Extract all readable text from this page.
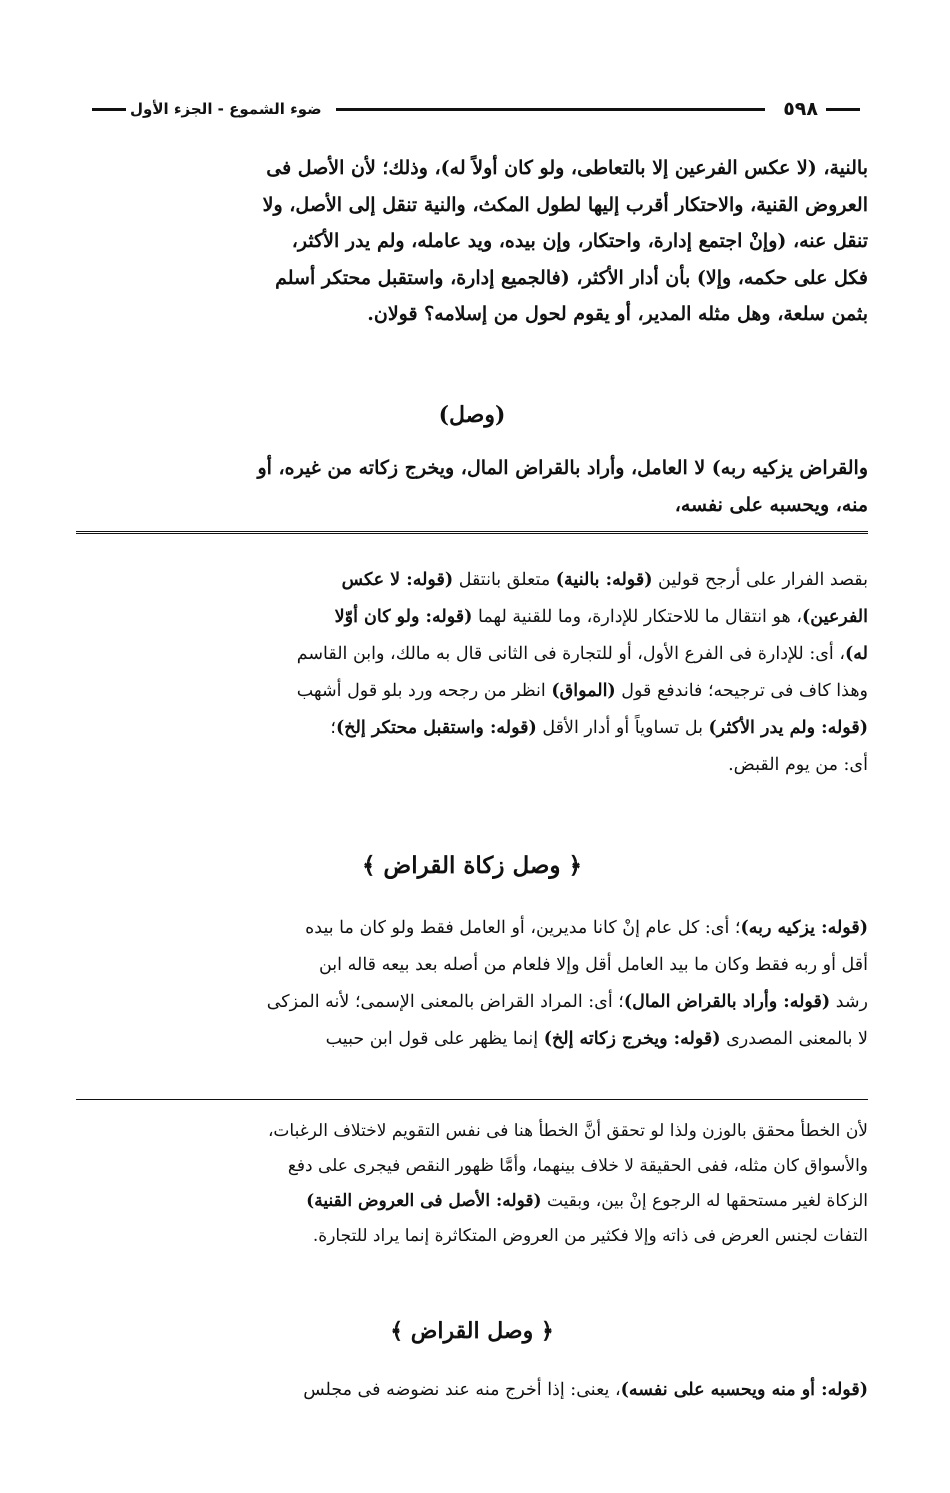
٥٩٨
ضوء الشموع - الجزء الأول

بالنية، (لا عكس الفرعين إلا بالتعاطى، ولو كان أولاً له)، وذلك؛ لأن الأصل فى

العروض القنية، والاحتكار أقرب إليها لطول المكث، والنية تنقل إلى الأصل، ولا

تنقل عنه، (وإنْ اجتمع إدارة، واحتكار، وإن بيده، ويد عامله، ولم يدر الأكثر،

فكل على حكمه، وإلا) بأن أدار الأكثر، (فالجميع إدارة، واستقبل محتكر أسلم

بثمن سلعة، وهل مثله المدير، أو يقوم لحول من إسلامه؟ قولان.

(وصل)

والقراض يزكيه ربه) لا العامل، وأراد بالقراض المال، ويخرج زكاته من غيره، أو

منه، ويحسبه على نفسه،

بقصد الفرار على أرجح قولين (قوله: بالنية) متعلق بانتقل (قوله: لا عكس

الفرعين)، هو انتقال ما للاحتكار للإدارة، وما للقنية لهما (قوله: ولو كان أوّلا

له)، أى: للإدارة فى الفرع الأول، أو للتجارة فى الثانى قال به مالك، وابن القاسم

وهذا كاف فى ترجيحه؛ فاندفع قول (المواق) انظر من رجحه ورد بلو قول أشهب

(قوله: ولم يدر الأكثر) بل تساوياً أو أدار الأقل (قوله: واستقبل محتكر إلخ)؛

أى: من يوم القبض.

﴿ وصل زكاة القراض ﴾

(قوله: يزكيه ربه)؛ أى: كل عام إنْ كانا مديرين، أو العامل فقط ولو كان ما بيده

أقل أو ربه فقط وكان ما بيد العامل أقل وإلا فلعام من أصله بعد بيعه قاله ابن

رشد (قوله: وأراد بالقراض المال)؛ أى: المراد القراض بالمعنى الإسمى؛ لأنه المزكى

لا بالمعنى المصدرى (قوله: ويخرج زكاته إلخ) إنما يظهر على قول ابن حبيب

لأن الخطأ محقق بالوزن ولذا لو تحقق أنَّ الخطأ هنا فى نفس التقويم لاختلاف الرغبات،

والأسواق كان مثله، ففى الحقيقة لا خلاف بينهما، وأمَّا ظهور النقص فيجرى على دفع

الزكاة لغير مستحقها له الرجوع إنْ بين، وبقيت (قوله: الأصل فى العروض القنية)

التفات لجنس العرض فى ذاته وإلا فكثير من العروض المتكاثرة إنما يراد للتجارة.

﴿ وصل القراض ﴾

(قوله: أو منه ويحسبه على نفسه)، يعنى: إذا أخرج منه عند نضوضه فى مجلس
